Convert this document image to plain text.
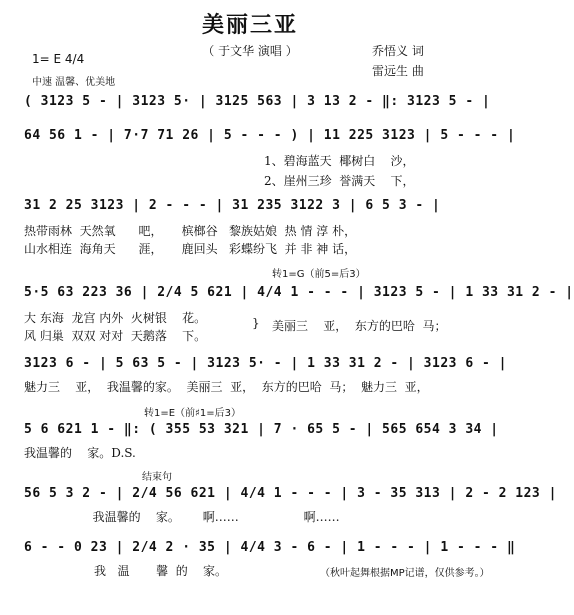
美丽三亚
（ 于文华 演唱 ）	乔悟义 词
雷远生 曲
1= E 4/4
中速 温馨、优美地
( 3123 5 - | 3123 5· | 3125 563 | 3 13 2 - ‖: 3123 5 - |
64 56 1 - | 7·7 71 26 | 5 - - - ) | 11 225 3123 | 5 - - - |
1、碧海蓝天  椰树白    沙，
2、崖州三珍  誉满天    下，
31 2 25 3123 | 2 - - - | 31 235 3122 3 | 6 5 3 - |
热带雨林  天然氧      吧，     槟榔谷   黎族姑娘  热 情 淳 朴，
山水相连  海角天      涯，     鹿回头   彩蝶纷飞  并 非 神 话，
转1=G（前5=后3）
5·5 63 223 36 | 2/4 5 621 | 4/4 1 - - - | 3123 5 - | 1 33 31 2 - |
大 东海  龙宫 内外  火树银    花。
风 归巢  双双 对对  天鹅落    下。
} 美丽三    亚，  东方的巴哈  马；
3123 6 - | 5 63 5 - | 3123 5· - | 1 33 31 2 - | 3123 6 - |
魅力三    亚，  我温馨的家。  美丽三  亚，  东方的巴哈  马；  魅力三  亚，
转1=E（前♯1=后3）
5 6 621 1 - ‖: ( 355 53 321 | 7 · 65 5 - | 565 654 3 34 |
我温馨的    家。D.S.
结束句
56 5 3 2 - | 2/4 56 621 | 4/4 1 - - - | 3 - 35 313 | 2 - 2 123 |
我温馨的    家。      啊……                 啊……
6 - - 0 23 | 2/4 2 · 35 | 4/4 3 - 6 - | 1 - - - | 1 - - - ‖
我   温       馨  的    家。	（秋叶起舞根据MP记谱，仅供参考。）
